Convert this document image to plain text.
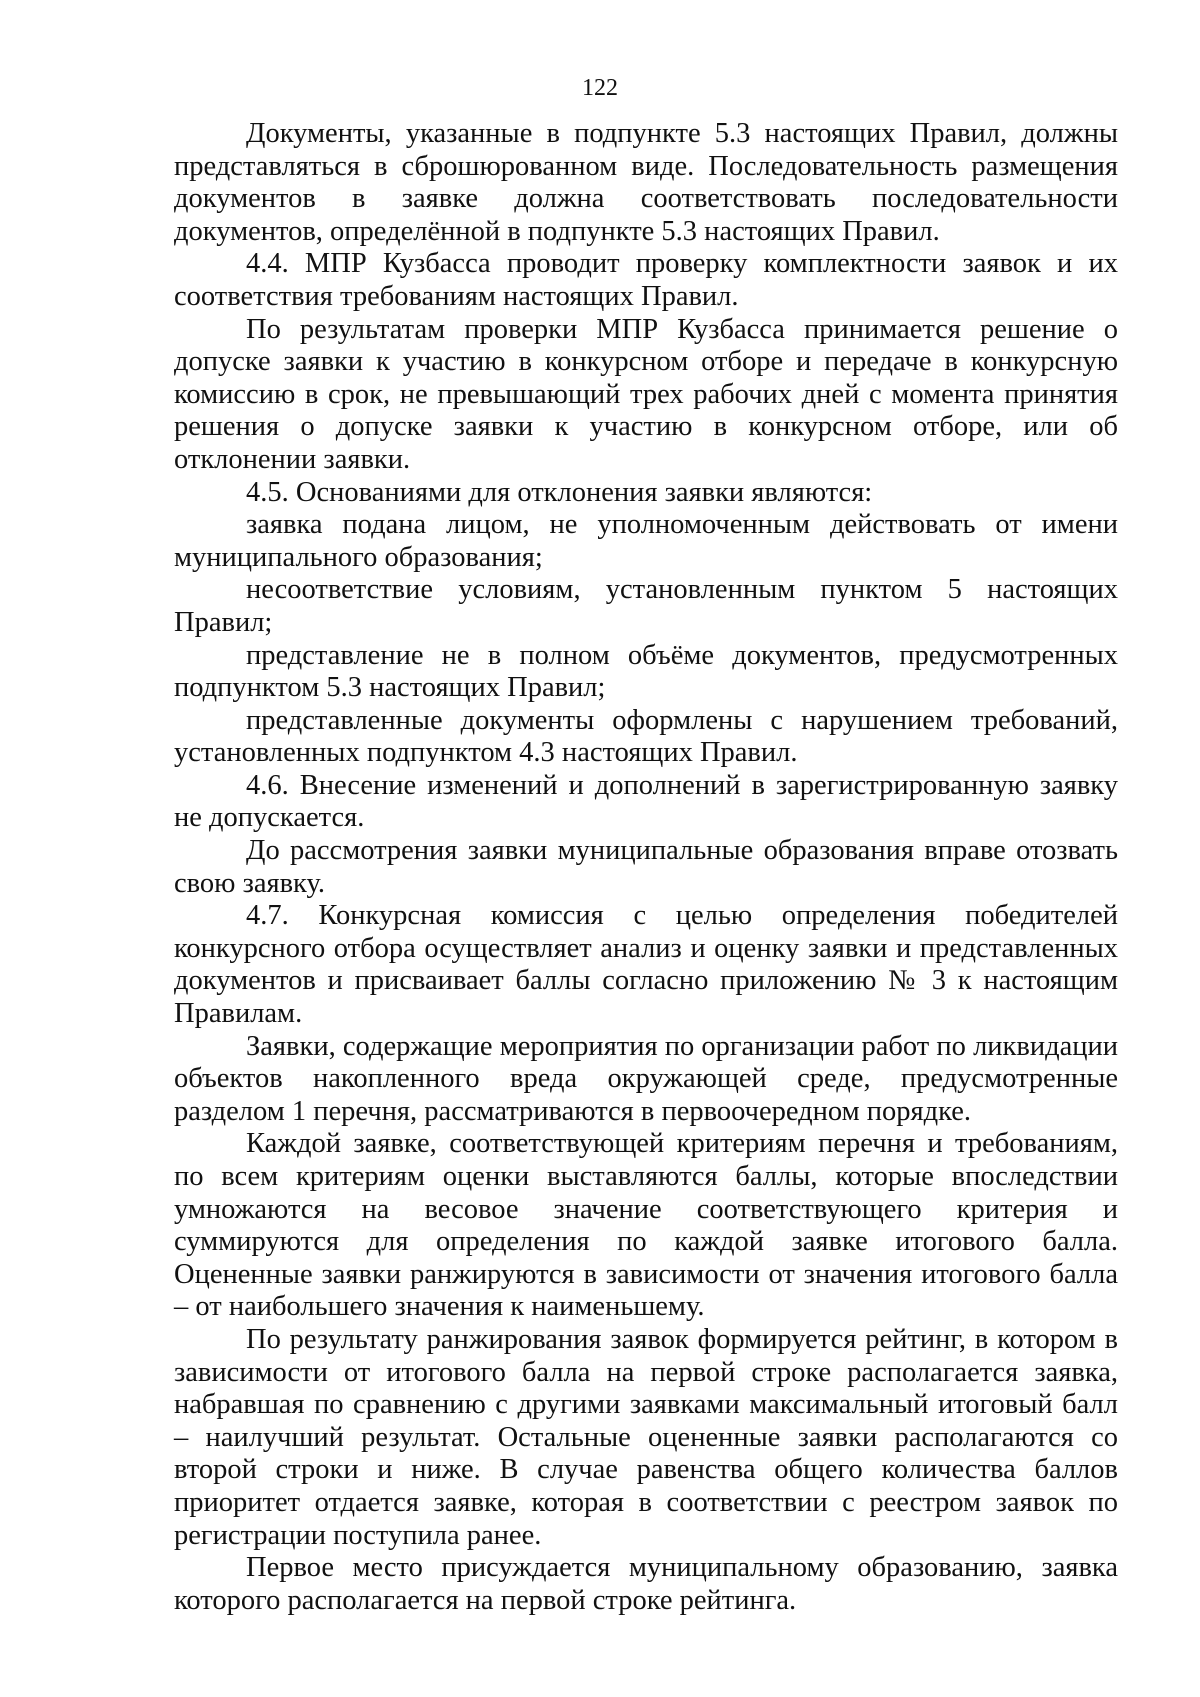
122

Документы, указанные в подпункте 5.3 настоящих Правил, должны представляться в сброшюрованном виде. Последовательность размещения документов в заявке должна соответствовать последовательности документов, определённой в подпункте 5.3 настоящих Правил.

4.4. МПР Кузбасса проводит проверку комплектности заявок и их соответствия требованиям настоящих Правил.

По результатам проверки МПР Кузбасса принимается решение о допуске заявки к участию в конкурсном отборе и передаче в конкурсную комиссию в срок, не превышающий трех рабочих дней с момента принятия решения о допуске заявки к участию в конкурсном отборе, или об отклонении заявки.

4.5. Основаниями для отклонения заявки являются:

заявка подана лицом, не уполномоченным действовать от имени муниципального образования;

несоответствие условиям, установленным пунктом 5 настоящих Правил;

представление не в полном объёме документов, предусмотренных подпунктом 5.3 настоящих Правил;

представленные документы оформлены с нарушением требований, установленных подпунктом 4.3 настоящих Правил.

4.6. Внесение изменений и дополнений в зарегистрированную заявку не допускается.

До рассмотрения заявки муниципальные образования вправе отозвать свою заявку.

4.7. Конкурсная комиссия с целью определения победителей конкурсного отбора осуществляет анализ и оценку заявки и представленных документов и присваивает баллы согласно приложению № 3 к настоящим Правилам.

Заявки, содержащие мероприятия по организации работ по ликвидации объектов накопленного вреда окружающей среде, предусмотренные разделом 1 перечня, рассматриваются в первоочередном порядке.

Каждой заявке, соответствующей критериям перечня и требованиям, по всем критериям оценки выставляются баллы, которые впоследствии умножаются на весовое значение соответствующего критерия и суммируются для определения по каждой заявке итогового балла. Оцененные заявки ранжируются в зависимости от значения итогового балла – от наибольшего значения к наименьшему.

По результату ранжирования заявок формируется рейтинг, в котором в зависимости от итогового балла на первой строке располагается заявка, набравшая по сравнению с другими заявками максимальный итоговый балл – наилучший результат. Остальные оцененные заявки располагаются со второй строки и ниже. В случае равенства общего количества баллов приоритет отдается заявке, которая в соответствии с реестром заявок по регистрации поступила ранее.

Первое место присуждается муниципальному образованию, заявка которого располагается на первой строке рейтинга.
